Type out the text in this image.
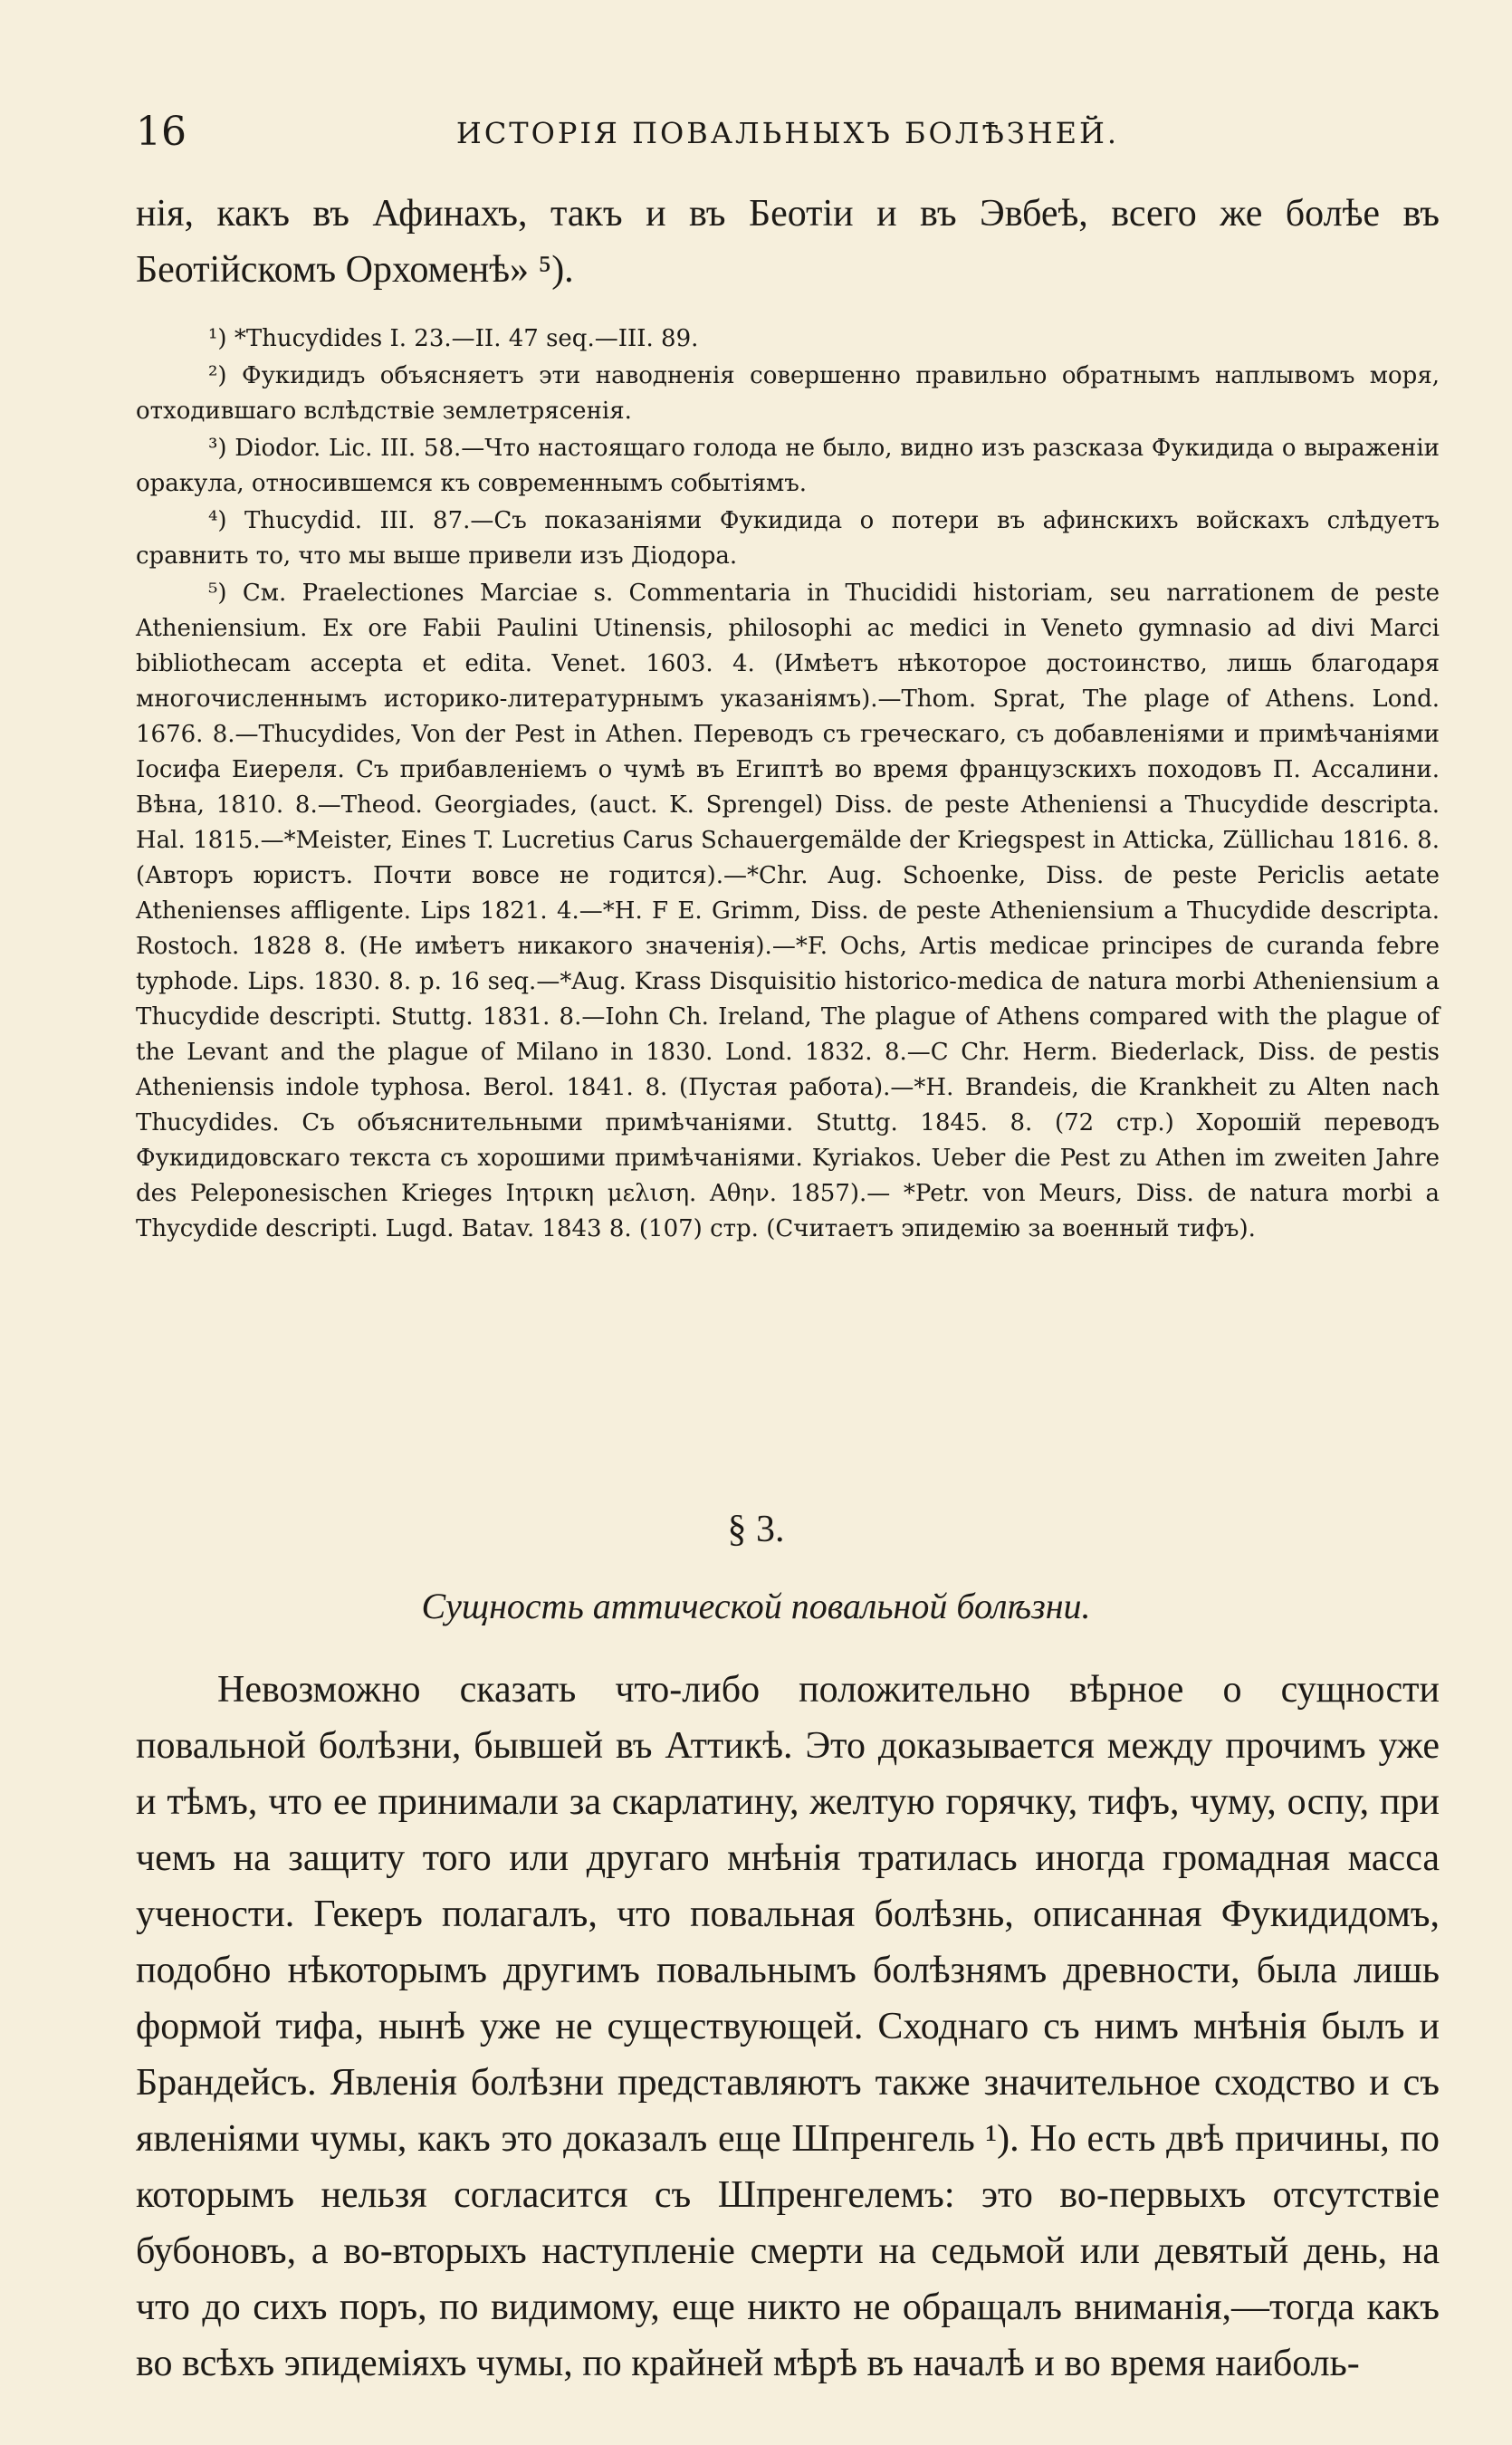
16	ИСТОРІЯ ПОВАЛЬНЫХЪ БОЛѢЗНЕЙ.
нія, какъ въ Афинахъ, такъ и въ Беотіи и въ Эвбеѣ, всего же болѣе въ Беотійскомъ Орхоменѣ» ⁵).

¹) *Thucydides I. 23.—II. 47 seq.—III. 89.

²) Фукидидъ объясняетъ эти наводненія совершенно правильно обратнымъ наплывомъ моря, отходившаго вслѣдствіе землетрясенія.

³) Diodor. Lic. III. 58.—Что настоящаго голода не было, видно изъ разсказа Фукидида о выраженіи оракула, относившемся къ современнымъ событіямъ.

⁴) Thucydid. III. 87.—Съ показаніями Фукидида о потери въ афинскихъ войскахъ слѣдуетъ сравнить то, что мы выше привели изъ Діодора.

⁵) См. Praelectiones Marciae s. Commentaria in Thucididi historiam, seu narrationem de peste Atheniensium. Ex ore Fabii Paulini Utinensis, philosophi ac medici in Veneto gymnasio ad divi Marci bibliothecam accepta et edita. Venet. 1603. 4. (Имѣетъ нѣкоторое достоинство, лишь благодаря многочисленнымъ историко-литературнымъ указаніямъ).—Thom. Sprat, The plage of Athens. Lond. 1676. 8.—Thucydides, Von der Pest in Athen. Переводъ съ греческаго, съ добавленіями и примѣчаніями Іосифа Еиереля. Съ прибавленіемъ о чумѣ въ Египтѣ во время французскихъ походовъ П. Ассалини. Вѣна, 1810. 8.—Theod. Georgiades, (auct. K. Sprengel) Diss. de peste Atheniensi a Thucydide descripta. Hal. 1815.—*Meister, Eines T. Lucretius Carus Schauergemälde der Kriegspest in Atticka, Züllichau 1816. 8. (Авторъ юристъ. Почти вовсе не годится).—*Chr. Aug. Schoenke, Diss. de peste Periclis aetate Athenienses affligente. Lips 1821. 4.—*H. F E. Grimm, Diss. de peste Atheniensium a Thucydide descripta. Rostoch. 1828 8. (Не имѣетъ никакого значенія).—*F. Ochs, Artis medicae principes de curanda febre typhode. Lips. 1830. 8. p. 16 seq.—*Aug. Krass Disquisitio historico-medica de natura morbi Atheniensium a Thucydide descripti. Stuttg. 1831. 8.—Iohn Ch. Ireland, The plague of Athens compared with the plague of the Levant and the plague of Milano in 1830. Lond. 1832. 8.—C Chr. Herm. Biederlack, Diss. de pestis Atheniensis indole typhosa. Berol. 1841. 8. (Пустая работа).—*H. Brandeis, die Krankheit zu Alten nach Thucydides. Съ объяснительными примѣчаніями. Stuttg. 1845. 8. (72 стр.) Хорошій переводъ Фукидидовскаго текста съ хорошими примѣчаніями. Kyriakos. Ueber die Pest zu Athen im zweiten Jahre des Peleponesischen Krieges Ιητρικη μελιση. Αθην. 1857).— *Petr. von Meurs, Diss. de natura morbi a Thycydide descripti. Lugd. Batav. 1843 8. (107) стр. (Считаетъ эпидемію за военный тифъ).

§ 3.
Сущность аттической повальной болѣзни.

Невозможно сказать что-либо положительно вѣрное о сущности повальной болѣзни, бывшей въ Аттикѣ. Это доказывается между прочимъ уже и тѣмъ, что ее принимали за скарлатину, желтую горячку, тифъ, чуму, оспу, при чемъ на защиту того или другаго мнѣнія тратилась иногда громадная масса учености. Гекеръ полагалъ, что повальная болѣзнь, описанная Фукидидомъ, подобно нѣкоторымъ другимъ повальнымъ болѣзнямъ древности, была лишь формой тифа, нынѣ уже не существующей. Сходнаго съ нимъ мнѣнія былъ и Брандейсъ. Явленія болѣзни представляютъ также значительное сходство и съ явленіями чумы, какъ это доказалъ еще Шпренгель ¹). Но есть двѣ причины, по которымъ нельзя согласится съ Шпренгелемъ: это во-первыхъ отсутствіе бубоновъ, а во-вторыхъ наступленіе смерти на седьмой или девятый день, на что до сихъ поръ, по видимому, еще никто не обращалъ вниманія,—тогда какъ во всѣхъ эпидеміяхъ чумы, по крайней мѣрѣ въ началѣ и во время наиболь-
